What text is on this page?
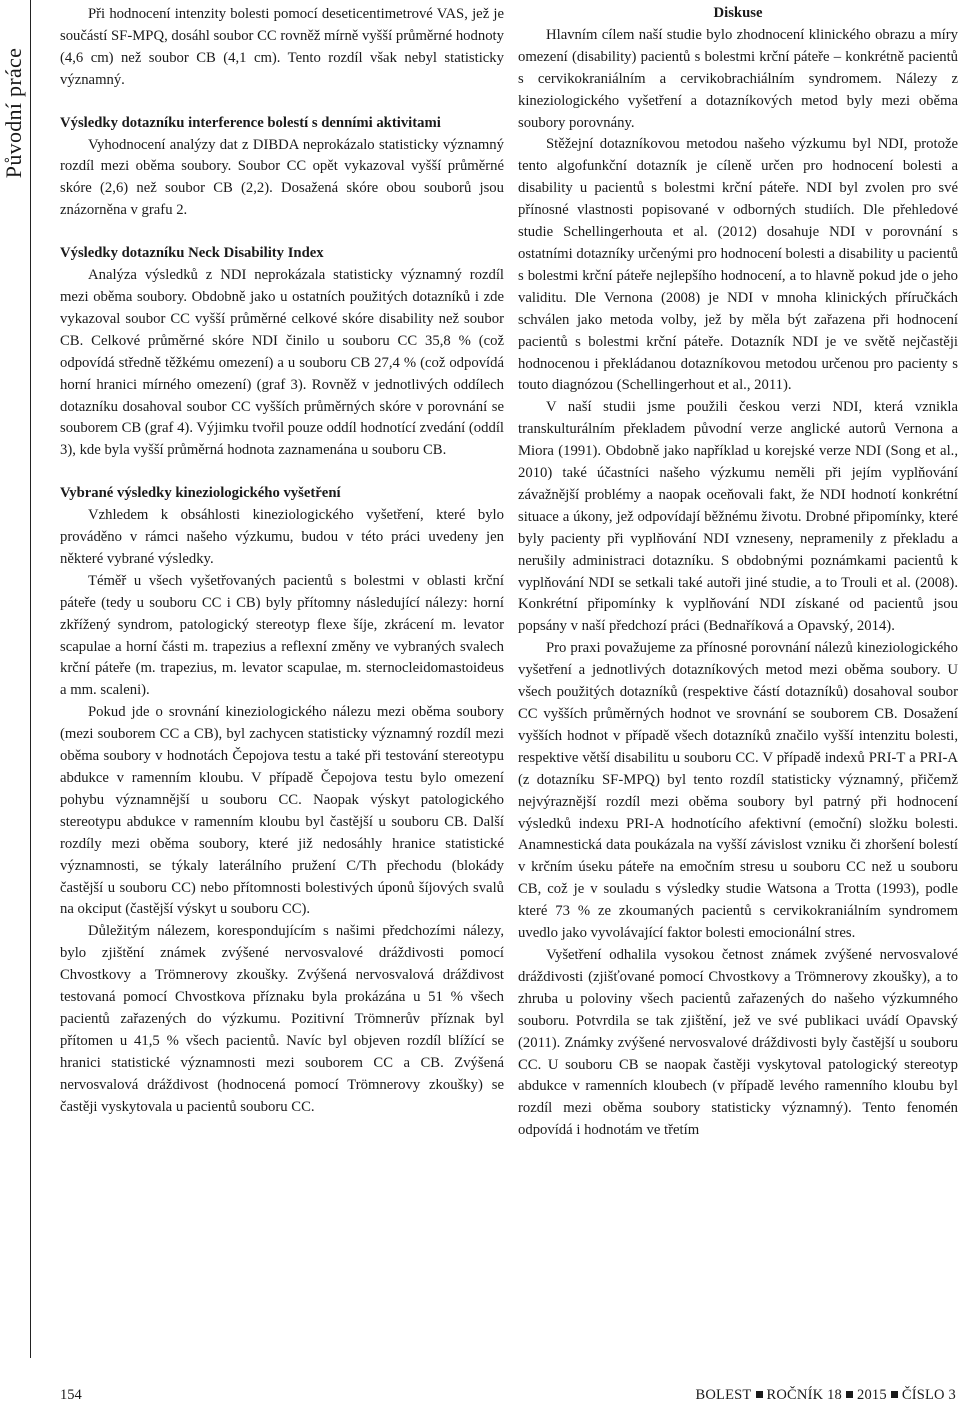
Původní práce

Při hodnocení intenzity bolesti pomocí deseticentimetrové VAS, jež je součástí SF-MPQ, dosáhl soubor CC rovněž mírně vyšší průměrné hodnoty (4,6 cm) než soubor CB (4,1 cm). Tento rozdíl však nebyl statisticky významný.

Výsledky dotazníku interference bolestí s denními aktivitami

Vyhodnocení analýzy dat z DIBDA neprokázalo statisticky významný rozdíl mezi oběma soubory. Soubor CC opět vykazoval vyšší průměrné skóre (2,6) než soubor CB (2,2). Dosažená skóre obou souborů jsou znázorněna v grafu 2.

Výsledky dotazníku Neck Disability Index

Analýza výsledků z NDI neprokázala statisticky významný rozdíl mezi oběma soubory. Obdobně jako u ostatních použitých dotazníků i zde vykazoval soubor CC vyšší průměrné celkové skóre disability než soubor CB. Celkové průměrné skóre NDI činilo u souboru CC 35,8 % (což odpovídá středně těžkému omezení) a u souboru CB 27,4 % (což odpovídá horní hranici mírného omezení) (graf 3). Rovněž v jednotlivých oddílech dotazníku dosahoval soubor CC vyšších průměrných skóre v porovnání se souborem CB (graf 4). Výjimku tvořil pouze oddíl hodnotící zvedání (oddíl 3), kde byla vyšší průměrná hodnota zaznamenána u souboru CB.

Vybrané výsledky kineziologického vyšetření

Vzhledem k obsáhlosti kineziologického vyšetření, které bylo prováděno v rámci našeho výzkumu, budou v této práci uvedeny jen některé vybrané výsledky.

Téměř u všech vyšetřovaných pacientů s bolestmi v oblasti krční páteře (tedy u souboru CC i CB) byly přítomny následující nálezy: horní zkřížený syndrom, patologický stereotyp flexe šíje, zkrácení m. levator scapulae a horní části m. trapezius a reflexní změny ve vybraných svalech krční páteře (m. trapezius, m. levator scapulae, m. sternocleidomastoideus a mm. scaleni).

Pokud jde o srovnání kineziologického nálezu mezi oběma soubory (mezi souborem CC a CB), byl zachycen statisticky významný rozdíl mezi oběma soubory v hodnotách Čepojova testu a také při testování stereotypu abdukce v ramenním kloubu. V případě Čepojova testu bylo omezení pohybu významnější u souboru CC. Naopak výskyt patologického stereotypu abdukce v ramenním kloubu byl častější u souboru CB. Další rozdíly mezi oběma soubory, které již nedosáhly hranice statistické významnosti, se týkaly laterálního pružení C/Th přechodu (blokády častější u souboru CC) nebo přítomnosti bolestivých úponů šíjových svalů na okciput (častější výskyt u souboru CC).

Důležitým nálezem, korespondujícím s našimi předchozími nálezy, bylo zjištění známek zvýšené nervosvalové dráždivosti pomocí Chvostkovy a Trömnerovy zkoušky. Zvýšená nervosvalová dráždivost testovaná pomocí Chvostkova příznaku byla prokázána u 51 % všech pacientů zařazených do výzkumu. Pozitivní Trömnerův příznak byl přítomen u 41,5 % všech pacientů. Navíc byl objeven rozdíl blížící se hranici statistické významnosti mezi souborem CC a CB. Zvýšená nervosvalová dráždivost (hodnocená pomocí Trömnerovy zkoušky) se častěji vyskytovala u pacientů souboru CC.

Diskuse

Hlavním cílem naší studie bylo zhodnocení klinického obrazu a míry omezení (disability) pacientů s bolestmi krční páteře – konkrétně pacientů s cervikokraniálním a cervikobrachiálním syndromem. Nálezy z kineziologického vyšetření a dotazníkových metod byly mezi oběma soubory porovnány.

Stěžejní dotazníkovou metodou našeho výzkumu byl NDI, protože tento algofunkční dotazník je cíleně určen pro hodnocení bolesti a disability u pacientů s bolestmi krční páteře. NDI byl zvolen pro své přínosné vlastnosti popisované v odborných studiích. Dle přehledové studie Schellingerhouta et al. (2012) dosahuje NDI v porovnání s ostatními dotazníky určenými pro hodnocení bolesti a disability u pacientů s bolestmi krční páteře nejlepšího hodnocení, a to hlavně pokud jde o jeho validitu. Dle Vernona (2008) je NDI v mnoha klinických příručkách schválen jako metoda volby, jež by měla být zařazena při hodnocení pacientů s bolestmi krční páteře. Dotazník NDI je ve světě nejčastěji hodnocenou i překládanou dotazníkovou metodou určenou pro pacienty s touto diagnózou (Schellingerhout et al., 2011).

V naší studii jsme použili českou verzi NDI, která vznikla transkulturálním překladem původní verze anglické autorů Vernona a Miora (1991). Obdobně jako například u korejské verze NDI (Song et al., 2010) také účastníci našeho výzkumu neměli při jejím vyplňování závažnější problémy a naopak oceňovali fakt, že NDI hodnotí konkrétní situace a úkony, jež odpovídají běžnému životu. Drobné připomínky, které byly pacienty při vyplňování NDI vzneseny, nepramenily z překladu a nerušily administraci dotazníku. S obdobnými poznámkami pacientů k vyplňování NDI se setkali také autoři jiné studie, a to Trouli et al. (2008). Konkrétní připomínky k vyplňování NDI získané od pacientů jsou popsány v naší předchozí práci (Bednaříková a Opavský, 2014).

Pro praxi považujeme za přínosné porovnání nálezů kineziologického vyšetření a jednotlivých dotazníkových metod mezi oběma soubory. U všech použitých dotazníků (respektive částí dotazníků) dosahoval soubor CC vyšších průměrných hodnot ve srovnání se souborem CB. Dosažení vyšších hodnot v případě všech dotazníků značilo vyšší intenzitu bolesti, respektive větší disabilitu u souboru CC. V případě indexů PRI-T a PRI-A (z dotazníku SF-MPQ) byl tento rozdíl statisticky významný, přičemž nejvýraznější rozdíl mezi oběma soubory byl patrný při hodnocení výsledků indexu PRI-A hodnotícího afektivní (emoční) složku bolesti. Anamnestická data poukázala na vyšší závislost vzniku či zhoršení bolestí v krčním úseku páteře na emočním stresu u souboru CC než u souboru CB, což je v souladu s výsledky studie Watsona a Trotta (1993), podle které 73 % ze zkoumaných pacientů s cervikokraniálním syndromem uvedlo jako vyvolávající faktor bolesti emocionální stres.

Vyšetření odhalila vysokou četnost známek zvýšené nervosvalové dráždivosti (zjišťované pomocí Chvostkovy a Trömnerovy zkoušky), a to zhruba u poloviny všech pacientů zařazených do našeho výzkumného souboru. Potvrdila se tak zjištění, jež ve své publikaci uvádí Opavský (2011). Známky zvýšené nervosvalové dráždivosti byly častější u souboru CC. U souboru CB se naopak častěji vyskytoval patologický stereotyp abdukce v ramenních kloubech (v případě levého ramenního kloubu byl rozdíl mezi oběma soubory statisticky významný). Tento fenomén odpovídá i hodnotám ve třetím

154	BOLEST ROČNÍK 18 2015 ČÍSLO 3
